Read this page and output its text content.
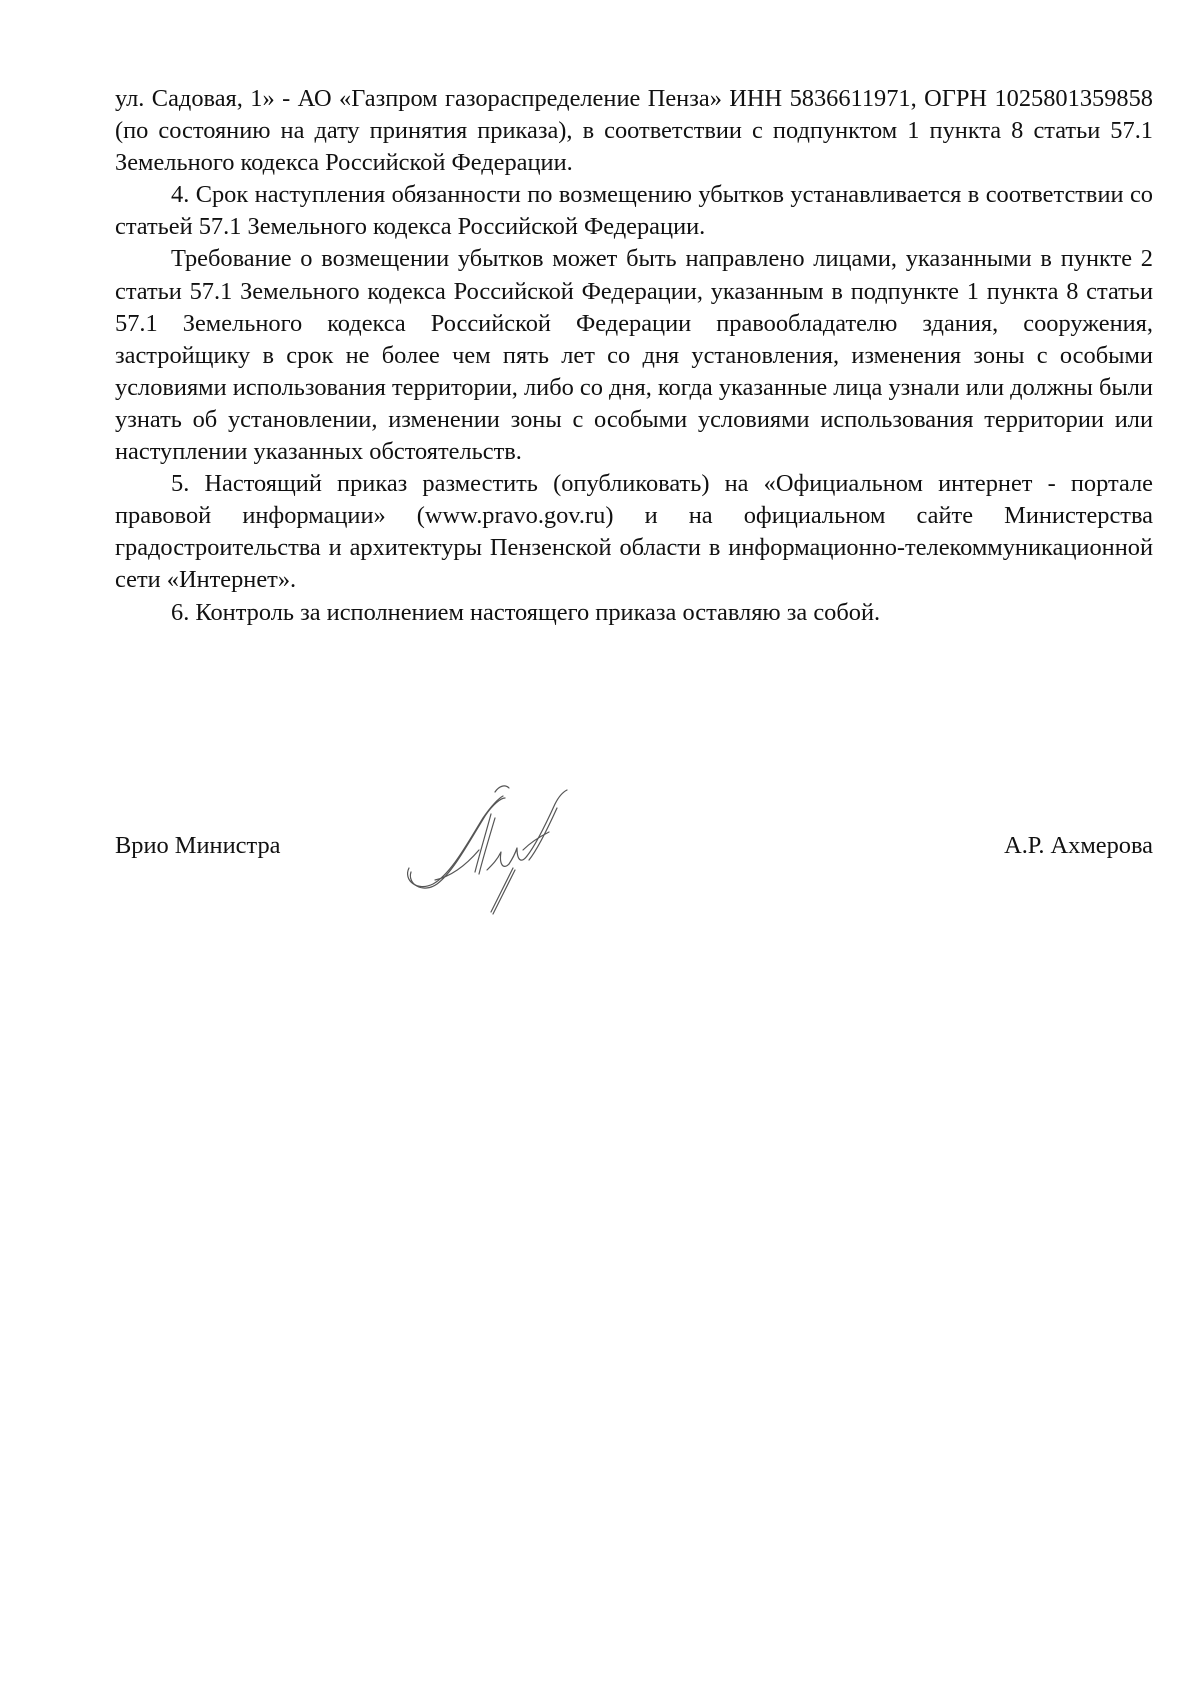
ул. Садовая, 1» - АО «Газпром газораспределение Пенза» ИНН 5836611971, ОГРН 1025801359858 (по состоянию на дату принятия приказа), в соответствии с подпунктом 1 пункта 8 статьи 57.1 Земельного кодекса Российской Федерации.

4. Срок наступления обязанности по возмещению убытков устанавливается в соответствии со статьей 57.1 Земельного кодекса Российской Федерации.

Требование о возмещении убытков может быть направлено лицами, указанными в пункте 2 статьи 57.1 Земельного кодекса Российской Федерации, указанным в подпункте 1 пункта 8 статьи 57.1 Земельного кодекса Российской Федерации правообладателю здания, сооружения, застройщику в срок не более чем пять лет со дня установления, изменения зоны с особыми условиями использования территории, либо со дня, когда указанные лица узнали или должны были узнать об установлении, изменении зоны с особыми условиями использования территории или наступлении указанных обстоятельств.

5. Настоящий приказ разместить (опубликовать) на «Официальном интернет - портале правовой информации» (www.pravo.gov.ru) и на официальном сайте Министерства градостроительства и архитектуры Пензенской области в информационно-телекоммуникационной сети «Интернет».

6. Контроль за исполнением настоящего приказа оставляю за собой.

Врио Министра	А.Р. Ахмерова
